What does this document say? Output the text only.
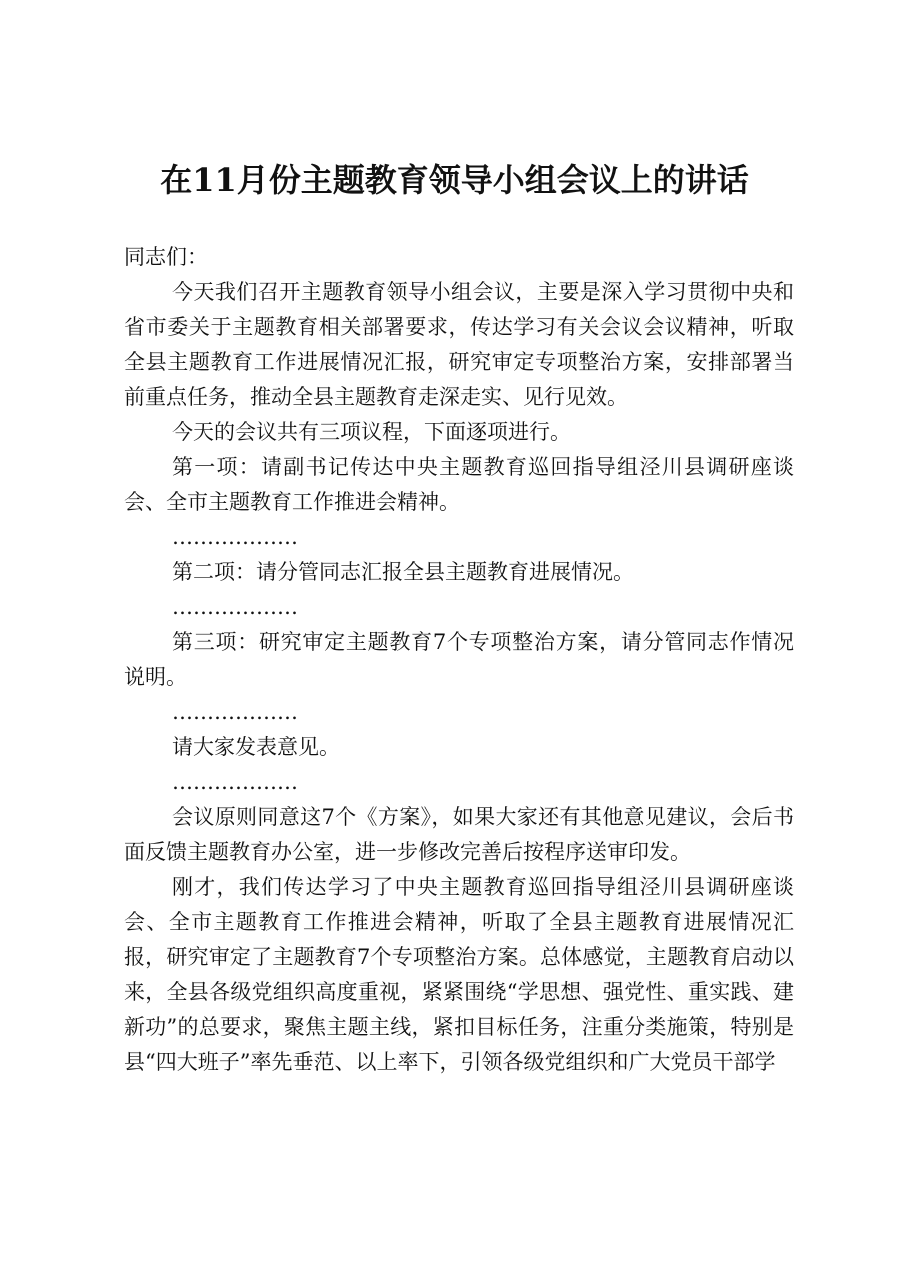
在11月份主题教育领导小组会议上的讲话

同志们：

今天我们召开主题教育领导小组会议，主要是深入学习贯彻中央和省市委关于主题教育相关部署要求，传达学习有关会议会议精神，听取全县主题教育工作进展情况汇报，研究审定专项整治方案，安排部署当前重点任务，推动全县主题教育走深走实、见行见效。

今天的会议共有三项议程，下面逐项进行。

第一项：请副书记传达中央主题教育巡回指导组泾川县调研座谈会、全市主题教育工作推进会精神。

………………

第二项：请分管同志汇报全县主题教育进展情况。

………………

第三项：研究审定主题教育7个专项整治方案，请分管同志作情况说明。

………………

请大家发表意见。

………………

会议原则同意这7个《方案》，如果大家还有其他意见建议，会后书面反馈主题教育办公室，进一步修改完善后按程序送审印发。

刚才，我们传达学习了中央主题教育巡回指导组泾川县调研座谈会、全市主题教育工作推进会精神，听取了全县主题教育进展情况汇报，研究审定了主题教育7个专项整治方案。总体感觉，主题教育启动以来，全县各级党组织高度重视，紧紧围绕“学思想、强党性、重实践、建新功”的总要求，聚焦主题主线，紧扣目标任务，注重分类施策，特别是县“四大班子”率先垂范、以上率下，引领各级党组织和广大党员干部学
